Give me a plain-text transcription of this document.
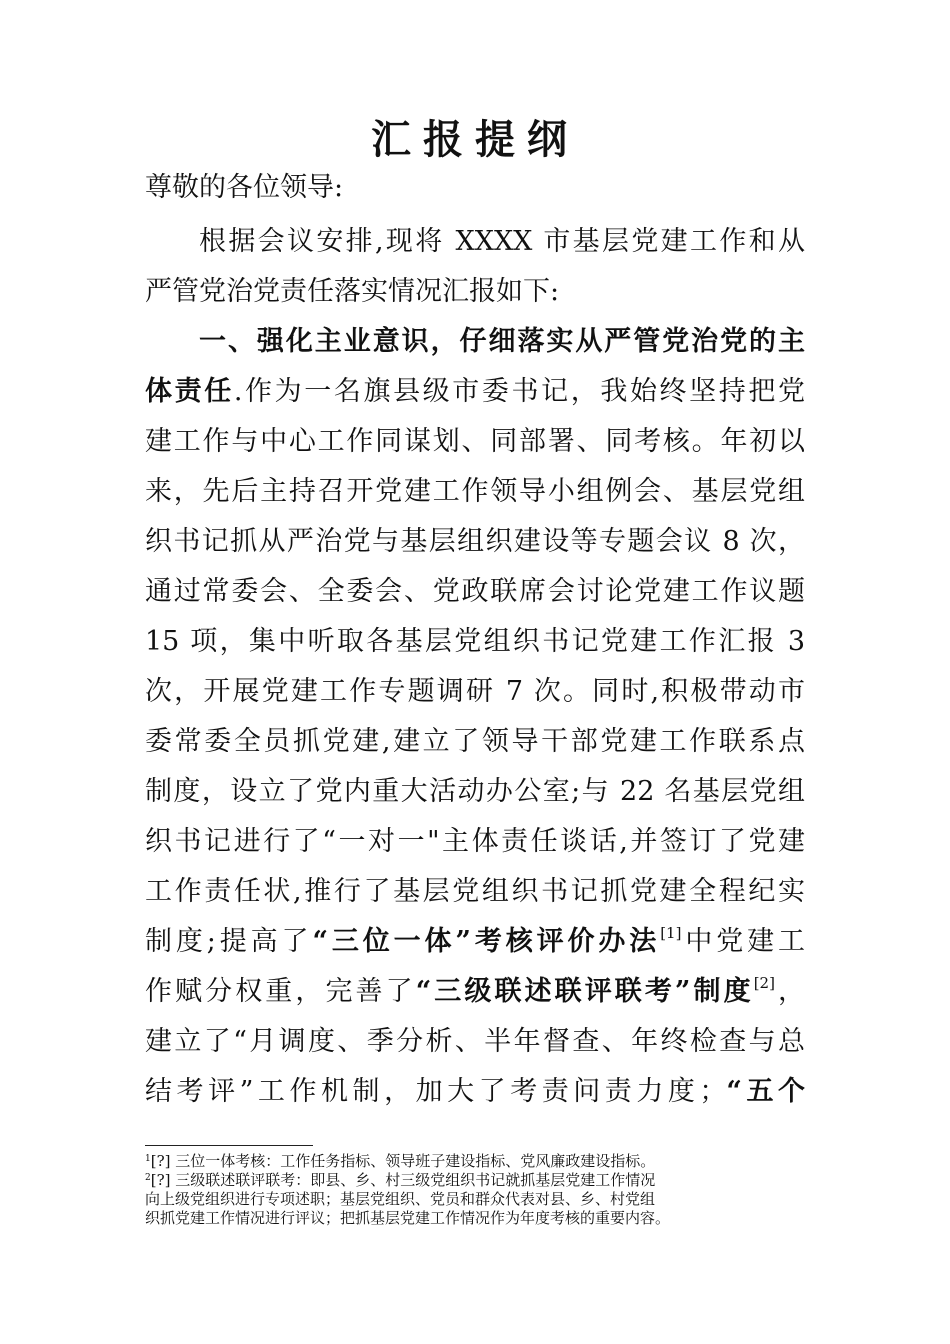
汇报提纲
尊敬的各位领导:
根据会议安排,现将 XXXX 市基层党建工作和从
严管党治党责任落实情况汇报如下:
一、强化主业意识，仔细落实从严管党治党的主
体责任.作为一名旗县级市委书记，我始终坚持把党
建工作与中心工作同谋划、同部署、同考核。年初以
来，先后主持召开党建工作领导小组例会、基层党组
织书记抓从严治党与基层组织建设等专题会议 8 次，
通过常委会、全委会、党政联席会讨论党建工作议题
15 项，集中听取各基层党组织书记党建工作汇报 3
次，开展党建工作专题调研 7 次。同时,积极带动市
委常委全员抓党建,建立了领导干部党建工作联系点
制度，设立了党内重大活动办公室;与 22 名基层党组
织书记进行了“一对一"主体责任谈话,并签订了党建
工作责任状,推行了基层党组织书记抓党建全程纪实
制度;提高了“三位一体”考核评价办法[1]中党建工
作赋分权重，完善了“三级联述联评联考”制度[2]，
建立了“月调度、季分析、半年督查、年终检查与总
结考评”工作机制，加大了考责问责力度；“五个
$^1$[?] 三位一体考核：工作任务指标、领导班子建设指标、党风廉政建设指标。
$^2$[?] 三级联述联评联考：即县、乡、村三级党组织书记就抓基层党建工作情况
向上级党组织进行专项述职；基层党组织、党员和群众代表对县、乡、村党组
织抓党建工作情况进行评议；把抓基层党建工作情况作为年度考核的重要内容。
